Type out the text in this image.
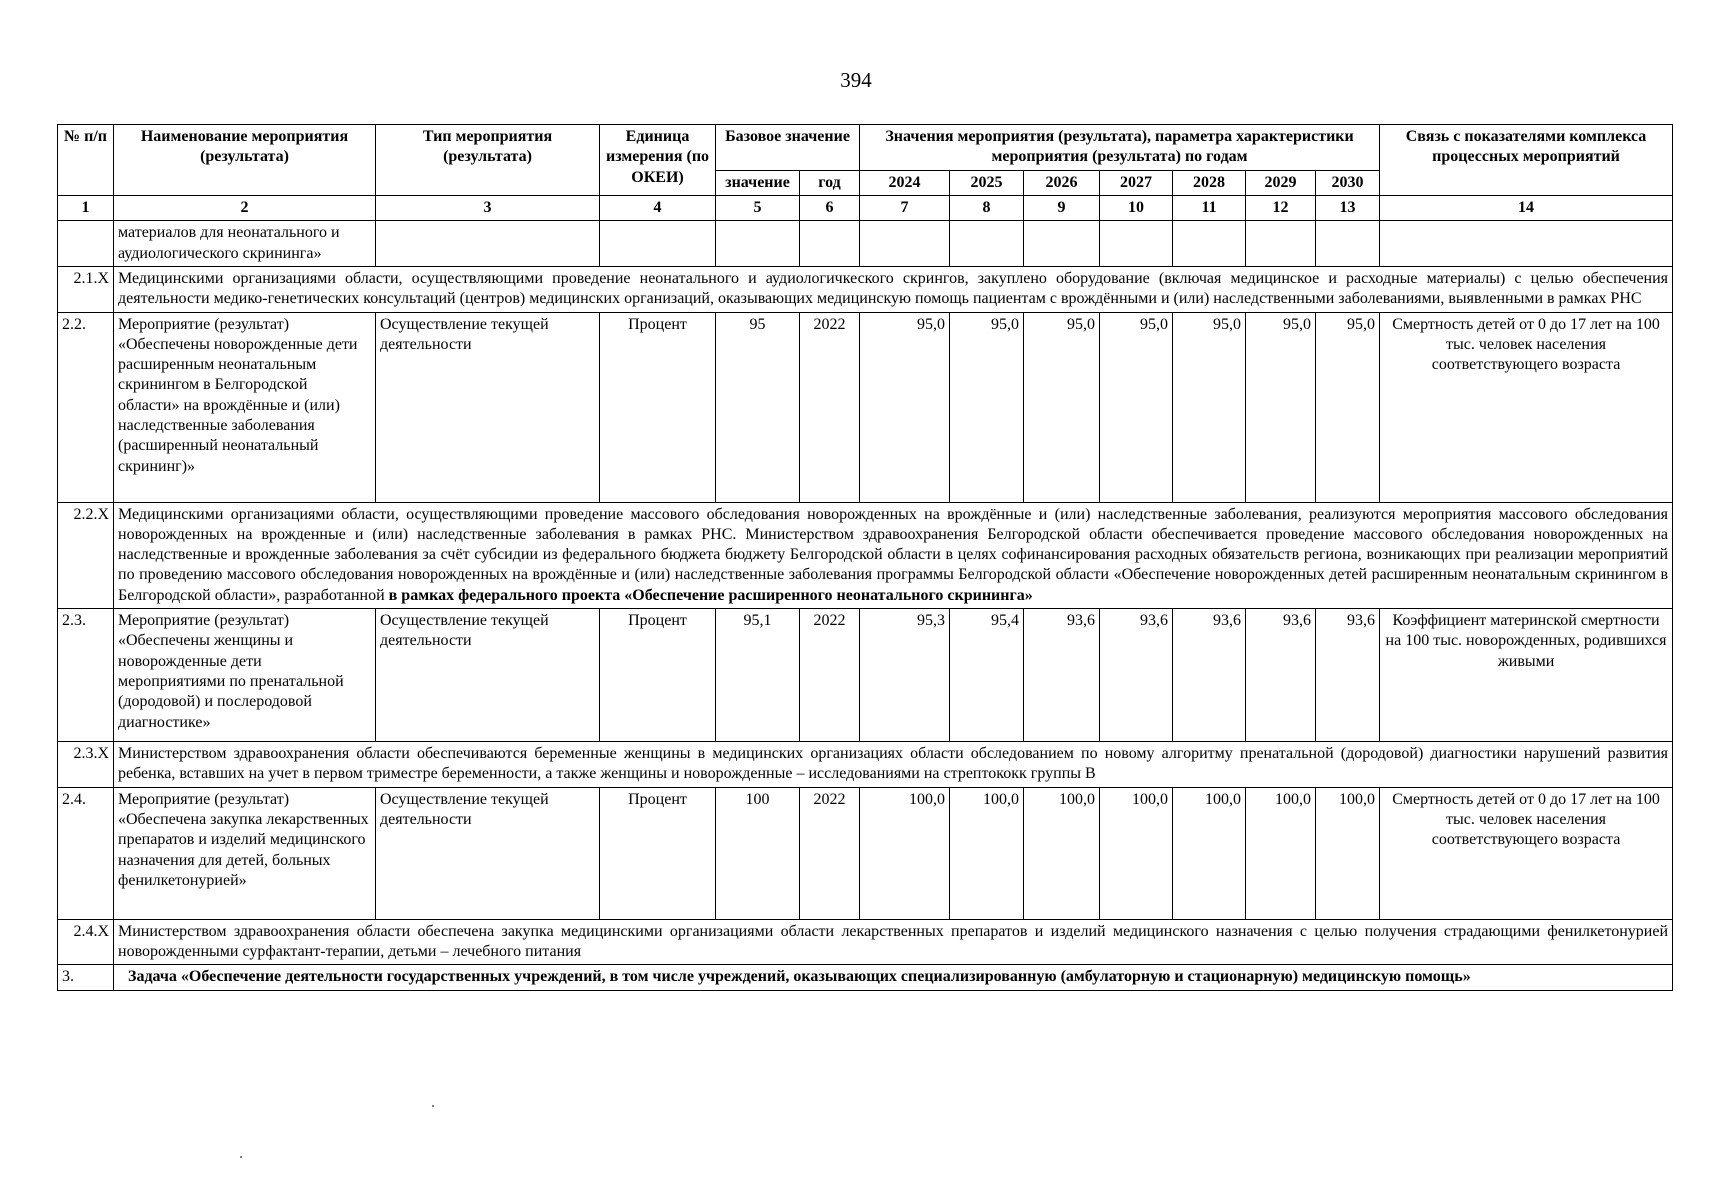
394
№ п/п	Наименование мероприятия (результата)	Тип мероприятия (результата)	Единица измерения (по ОКЕИ)	Базовое значение		Значения мероприятия (результата), параметра характеристики мероприятия (результата) по годам							Связь с показателями комплекса процессных мероприятий
				значение	год	2024	2025	2026	2027	2028	2029	2030	
1	2	3	4	5	6	7	8	9	10	11	12	13	14
	материалов для неонатального и аудиологического скрининга»												
2.1.X	Медицинскими организациями области, осуществляющими проведение неонатального и аудиологичкеского скрингов, закуплено оборудование (включая медицинское и расходные материалы) с целью обеспечения деятельности медико-генетических консультаций (центров) медицинских организаций, оказывающих медицинскую помощь пациентам с врождёнными и (или) наследственными заболеваниями, выявленными в рамках РНС												
2.2.	Мероприятие (результат) «Обеспечены новорожденные дети расширенным неонатальным скринингом в Белгородской области» на врождённые и (или) наследственные заболевания (расширенный неонатальный скрининг)»	Осуществление текущей деятельности	Процент	95	2022	95,0	95,0	95,0	95,0	95,0	95,0	95,0	Смертность детей от 0 до 17 лет на 100 тыс. человек населения соответствующего возраста
2.2.X	Медицинскими организациями области, осуществляющими проведение массового обследования новорожденных на врождённые и (или) наследственные заболевания, реализуются мероприятия массового обследования новорожденных на врожденные и (или) наследственные заболевания в рамках РНС. Министерством здравоохранения Белгородской области обеспечивается проведение массового обследования новорожденных на наследственные и врожденные заболевания за счёт субсидии из федерального бюджета бюджету Белгородской области в целях софинансирования расходных обязательств региона, возникающих при реализации мероприятий по проведению массового обследования новорожденных на врождённые и (или) наследственные заболевания программы Белгородской области «Обеспечение новорожденных детей расширенным неонатальным скринингом в Белгородской области», разработанной в рамках федерального проекта «Обеспечение расширенного неонатального скрининга»												
2.3.	Мероприятие (результат) «Обеспечены женщины и новорожденные дети мероприятиями по пренатальной (дородовой) и послеродовой диагностике»	Осуществление текущей деятельности	Процент	95,1	2022	95,3	95,4	93,6	93,6	93,6	93,6	93,6	Коэффициент материнской смертности на 100 тыс. новорожденных, родившихся живыми
2.3.X	Министерством здравоохранения области обеспечиваются беременные женщины в медицинских организациях области обследованием по новому алгоритму пренатальной (дородовой) диагностики нарушений развития ребенка, вставших на учет в первом триместре беременности, а также женщины и новорожденные – исследованиями на стрептококк группы В												
2.4.	Мероприятие (результат) «Обеспечена закупка лекарственных препаратов и изделий медицинского назначения для детей, больных фенилкетонурией»	Осуществление текущей деятельности	Процент	100	2022	100,0	100,0	100,0	100,0	100,0	100,0	100,0	Смертность детей от 0 до 17 лет на 100 тыс. человек населения соответствующего возраста
2.4.X	Министерством здравоохранения области обеспечена закупка медицинскими организациями области лекарственных препаратов и изделий медицинского назначения с целью получения страдающими фенилкетонурией новорожденными сурфактант-терапии, детьми – лечебного питания												
3.	Задача «Обеспечение деятельности государственных учреждений, в том числе учреждений, оказывающих специализированную (амбулаторную и стационарную) медицинскую помощь»												
